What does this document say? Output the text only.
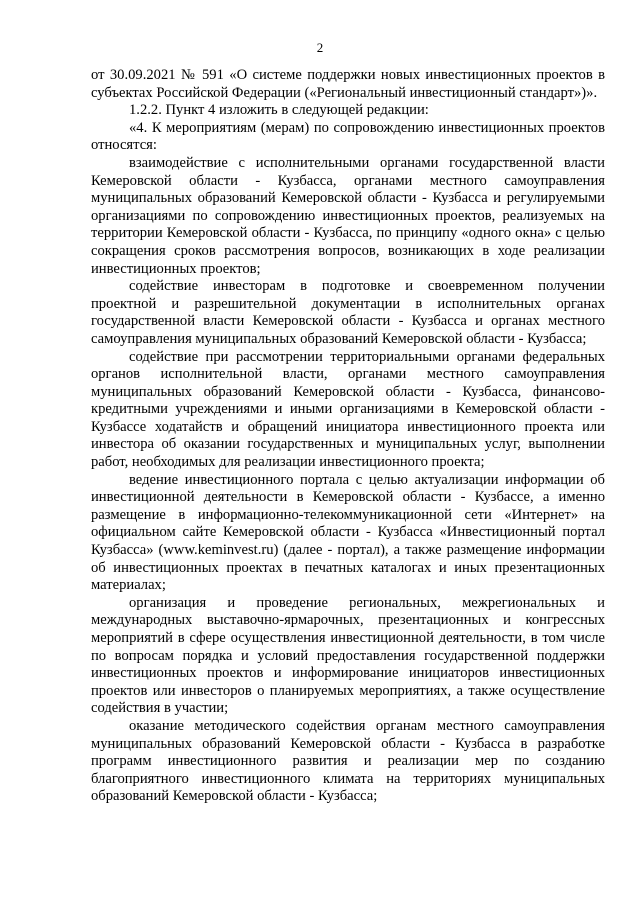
2

от 30.09.2021 № 591 «О системе поддержки новых инвестиционных проектов в субъектах Российской Федерации («Региональный инвестиционный стандарт»)».

1.2.2. Пункт 4 изложить в следующей редакции:

«4. К мероприятиям (мерам) по сопровождению инвестиционных проектов относятся:

взаимодействие с исполнительными органами государственной власти Кемеровской области - Кузбасса, органами местного самоуправления муниципальных образований Кемеровской области - Кузбасса и регулируемыми организациями по сопровождению инвестиционных проектов, реализуемых на территории Кемеровской области - Кузбасса, по принципу «одного окна» с целью сокращения сроков рассмотрения вопросов, возникающих в ходе реализации инвестиционных проектов;

содействие инвесторам в подготовке и своевременном получении проектной и разрешительной документации в исполнительных органах государственной власти Кемеровской области - Кузбасса и органах местного самоуправления муниципальных образований Кемеровской области - Кузбасса;

содействие при рассмотрении территориальными органами федеральных органов исполнительной власти, органами местного самоуправления муниципальных образований Кемеровской области - Кузбасса, финансово-кредитными учреждениями и иными организациями в Кемеровской области - Кузбассе ходатайств и обращений инициатора инвестиционного проекта или инвестора об оказании государственных и муниципальных услуг, выполнении работ, необходимых для реализации инвестиционного проекта;

ведение инвестиционного портала с целью актуализации информации об инвестиционной деятельности в Кемеровской области - Кузбассе, а именно размещение в информационно-телекоммуникационной сети «Интернет» на официальном сайте Кемеровской области - Кузбасса «Инвестиционный портал Кузбасса» (www.keminvest.ru) (далее - портал), а также размещение информации об инвестиционных проектах в печатных каталогах и иных презентационных материалах;

организация и проведение региональных, межрегиональных и международных выставочно-ярмарочных, презентационных и конгрессных мероприятий в сфере осуществления инвестиционной деятельности, в том числе по вопросам порядка и условий предоставления государственной поддержки инвестиционных проектов и информирование инициаторов инвестиционных проектов или инвесторов о планируемых мероприятиях, а также осуществление содействия в участии;

оказание методического содействия органам местного самоуправления муниципальных образований Кемеровской области - Кузбасса в разработке программ инвестиционного развития и реализации мер по созданию благоприятного инвестиционного климата на территориях муниципальных образований Кемеровской области - Кузбасса;
